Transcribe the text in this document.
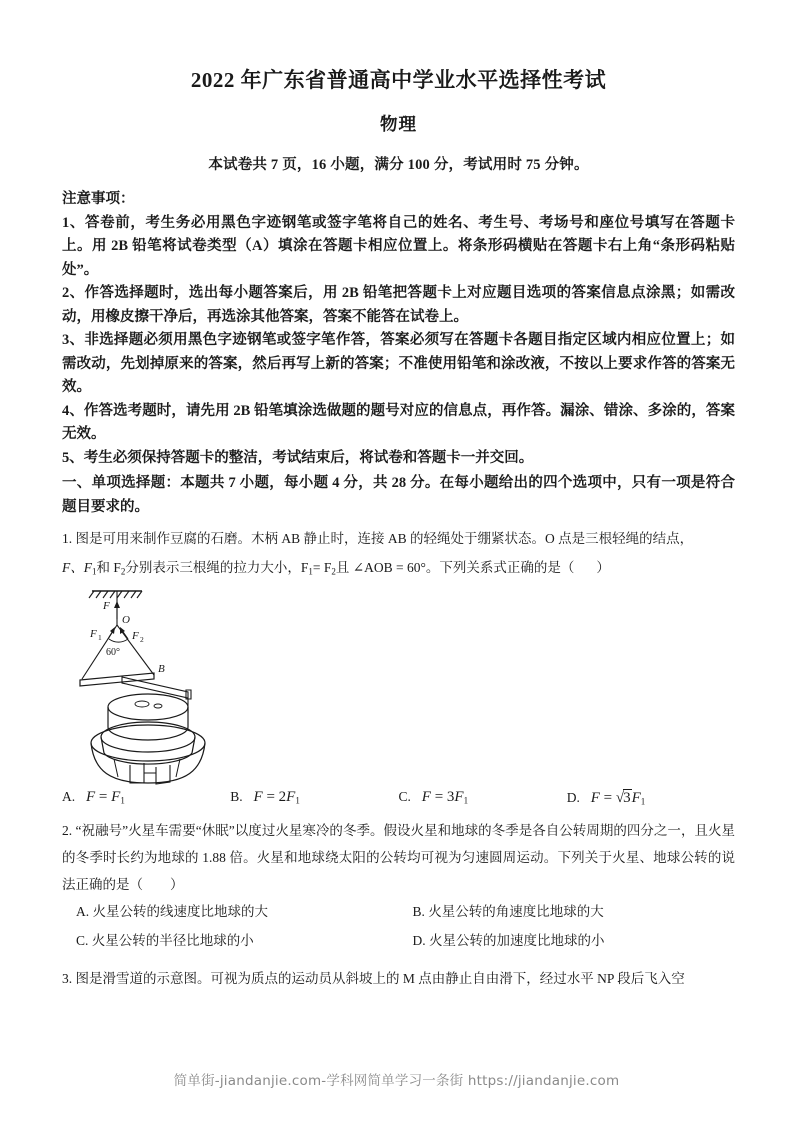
2022 年广东省普通高中学业水平选择性考试
物理
本试卷共 7 页，16 小题，满分 100 分，考试用时 75 分钟。
注意事项：
1、答卷前，考生务必用黑色字迹钢笔或签字笔将自己的姓名、考生号、考场号和座位号填写在答题卡上。用 2B 铅笔将试卷类型（A）填涂在答题卡相应位置上。将条形码横贴在答题卡右上角“条形码粘贴处”。
2、作答选择题时，选出每小题答案后，用 2B 铅笔把答题卡上对应题目选项的答案信息点涂黑；如需改动，用橡皮擦干净后，再选涂其他答案，答案不能答在试卷上。
3、非选择题必须用黑色字迹钢笔或签字笔作答，答案必须写在答题卡各题目指定区域内相应位置上；如需改动，先划掉原来的答案，然后再写上新的答案；不准使用铅笔和涂改液，不按以上要求作答的答案无效。
4、作答选考题时，请先用 2B 铅笔填涂选做题的题号对应的信息点，再作答。漏涂、错涂、多涂的，答案无效。
5、考生必须保持答题卡的整洁，考试结束后，将试卷和答题卡一并交回。
一、单项选择题：本题共 7 小题，每小题 4 分，共 28 分。在每小题给出的四个选项中，只有一项是符合题目要求的。
1. 图是可用来制作豆腐的石磨。木柄 AB 静止时，连接 AB 的轻绳处于绷紧状态。O 点是三根轻绳的结点，
F、$F_1$和 $F_2$分别表示三根绳的拉力大小，$F_1= F_2$且 ∠AOB = 60°。下列关系式正确的是（ ）
F
O
F 1	F 2
60°
B
A.   $F = F_1$	B.   $F = 2F_1$	C.   $F = 3F_1$	D.   $F = √3F_1$
2. “祝融号”火星车需要“休眠”以度过火星寒冷的冬季。假设火星和地球的冬季是各自公转周期的四分之一，且火星的冬季时长约为地球的 1.88 倍。火星和地球绕太阳的公转均可视为匀速圆周运动。下列关于火星、地球公转的说法正确的是（　　）
A. 火星公转的线速度比地球的大	B. 火星公转的角速度比地球的大
C. 火星公转的半径比地球的小	D. 火星公转的加速度比地球的小
3. 图是滑雪道的示意图。可视为质点的运动员从斜坡上的 M 点由静止自由滑下，经过水平 NP 段后飞入空
简单街-jiandanjie.com-学科网简单学习一条街 https://jiandanjie.com
